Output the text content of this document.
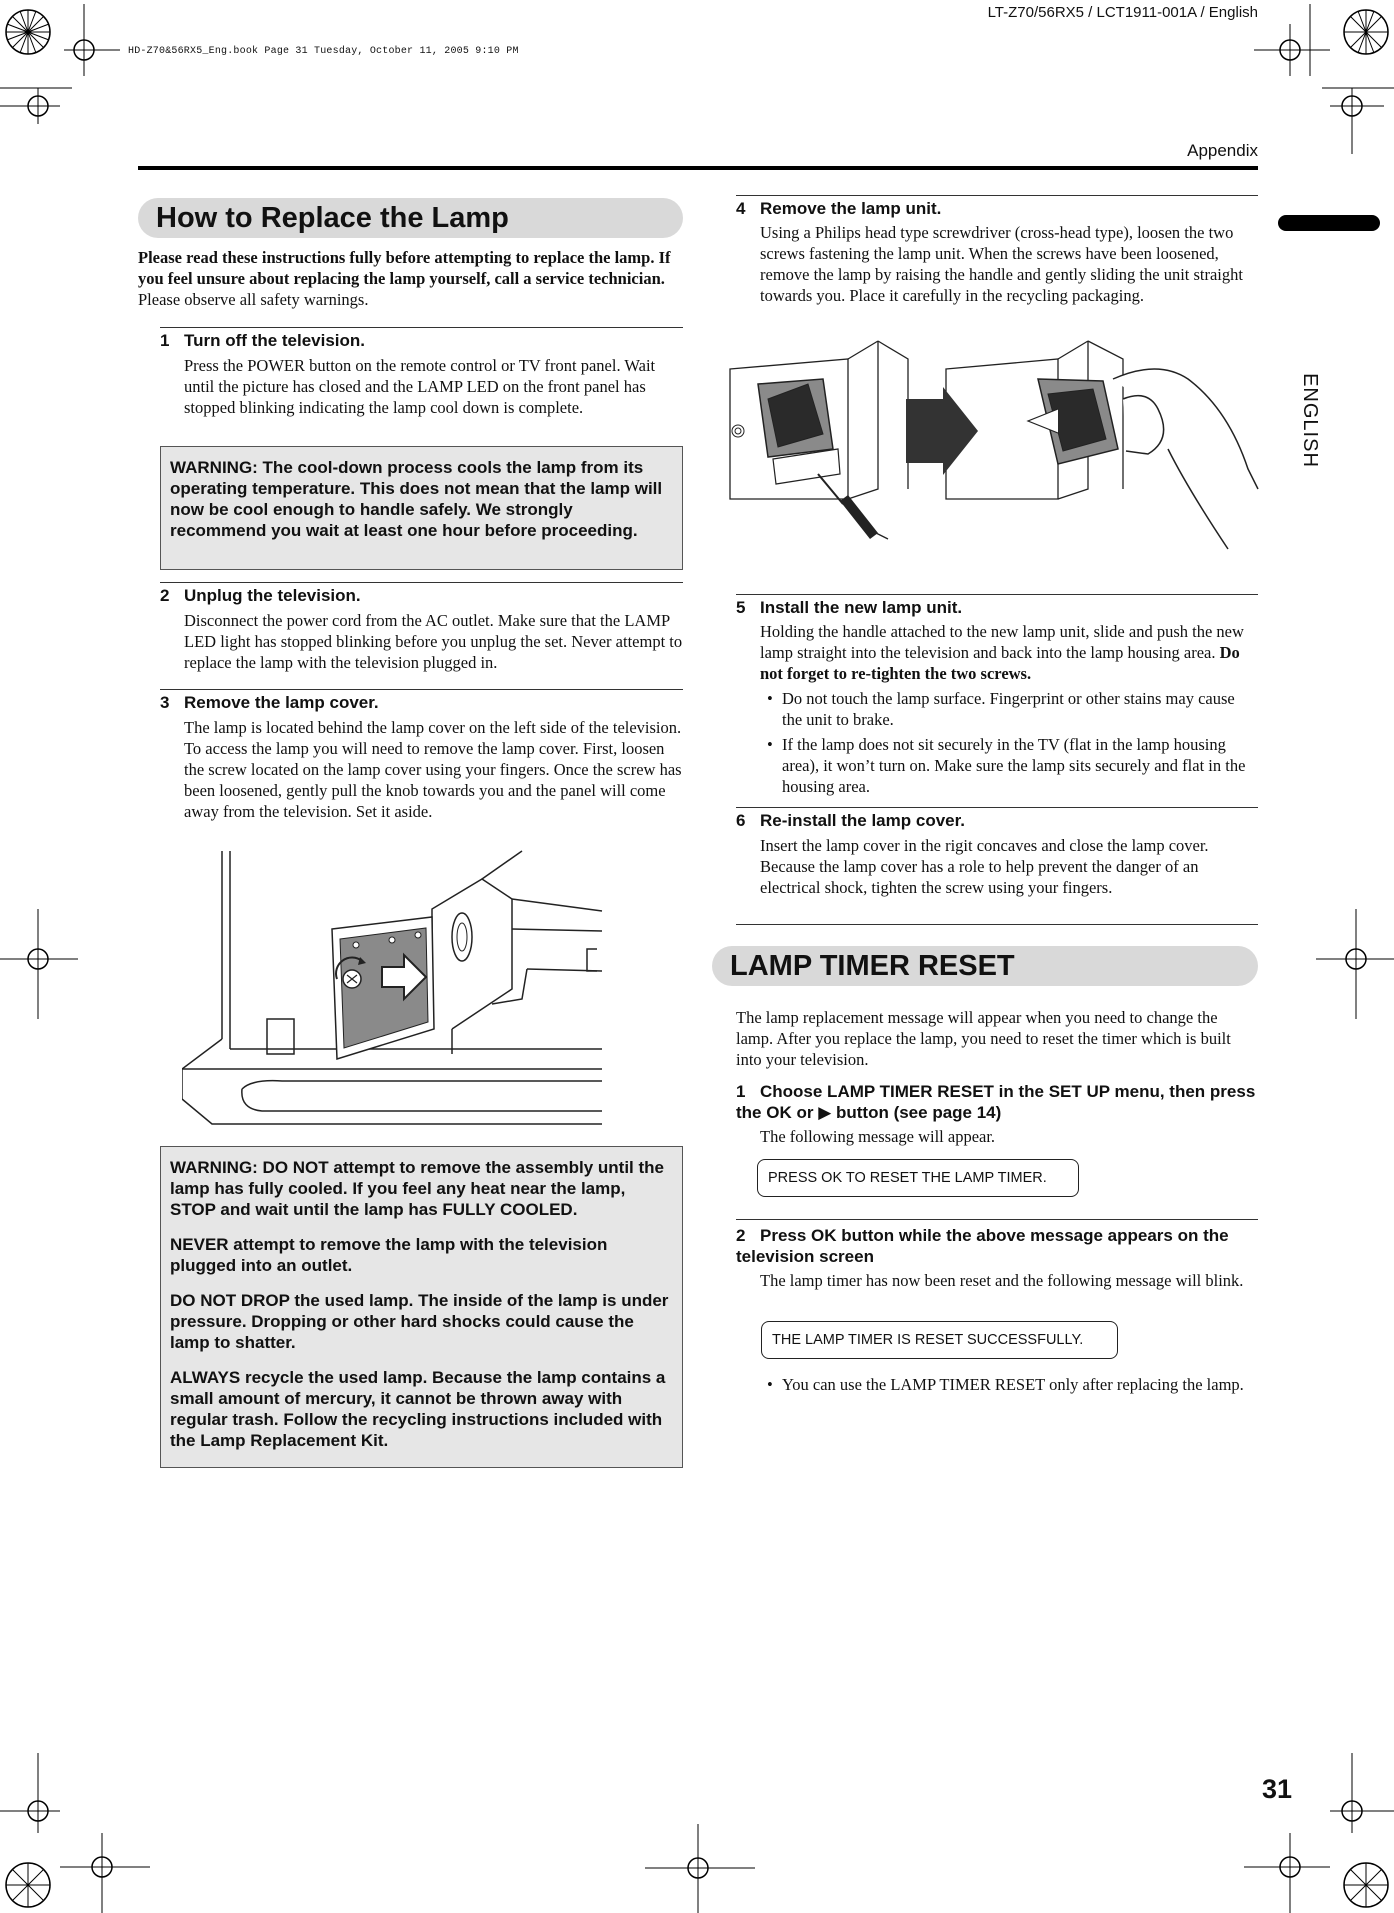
LT-Z70/56RX5 / LCT1911-001A / English
HD-Z70&56RX5_Eng.book Page 31 Tuesday, October 11, 2005 9:10 PM
Appendix
ENGLISH
31
How to Replace the Lamp
Please read these instructions fully before attempting to replace the lamp. If you feel unsure about replacing the lamp yourself, call a service technician. Please observe all safety warnings.
1 Turn off the television.
Press the POWER button on the remote control or TV front panel. Wait until the picture has closed and the LAMP LED on the front panel has stopped blinking indicating the lamp cool down is complete.

WARNING: The cool-down process cools the lamp from its operating temperature. This does not mean that the lamp will now be cool enough to handle safely. We strongly recommend you wait at least one hour before proceeding.

2 Unplug the television.
Disconnect the power cord from the AC outlet. Make sure that the LAMP LED light has stopped blinking before you unplug the set. Never attempt to replace the lamp with the television plugged in.
3 Remove the lamp cover.
The lamp is located behind the lamp cover on the left side of the television. To access the lamp you will need to remove the lamp cover. First, loosen the screw located on the lamp cover using your fingers. Once the screw has been loosened, gently pull the knob towards you and the panel will come away from the television. Set it aside.

WARNING: DO NOT attempt to remove the assembly until the lamp has fully cooled. If you feel any heat near the lamp, STOP and wait until the lamp has FULLY COOLED.

NEVER attempt to remove the lamp with the television plugged into an outlet.

DO NOT DROP the used lamp. The inside of the lamp is under pressure. Dropping or other hard shocks could cause the lamp to shatter.

ALWAYS recycle the used lamp. Because the lamp contains a small amount of mercury, it cannot be thrown away with regular trash. Follow the recycling instructions included with the Lamp Replacement Kit.

4 Remove the lamp unit.
Using a Philips head type screwdriver (cross-head type), loosen the two screws fastening the lamp unit. When the screws have been loosened, remove the lamp by raising the handle and gently sliding the unit straight towards you. Place it carefully in the recycling packaging.
5 Install the new lamp unit.
Holding the handle attached to the new lamp unit, slide and push the new lamp straight into the television and back into the lamp housing area. Do not forget to re-tighten the two screws.
• Do not touch the lamp surface. Fingerprint or other stains may cause the unit to brake.
• If the lamp does not sit securely in the TV (flat in the lamp housing area), it won’t turn on. Make sure the lamp sits securely and flat in the housing area.
6 Re-install the lamp cover.
Insert the lamp cover in the rigit concaves and close the lamp cover. Because the lamp cover has a role to help prevent the danger of an electrical shock, tighten the screw using your fingers.
LAMP TIMER RESET
The lamp replacement message will appear when you need to change the lamp. After you replace the lamp, you need to reset the timer which is built into your television.
1 Choose LAMP TIMER RESET in the SET UP menu, then press the OK or ▶ button (see page 14)
The following message will appear.
PRESS OK TO RESET THE LAMP TIMER.
2 Press OK button while the above message appears on the television screen
The lamp timer has now been reset and the following message will blink.
THE LAMP TIMER IS RESET SUCCESSFULLY.
• You can use the LAMP TIMER RESET only after replacing the lamp.
